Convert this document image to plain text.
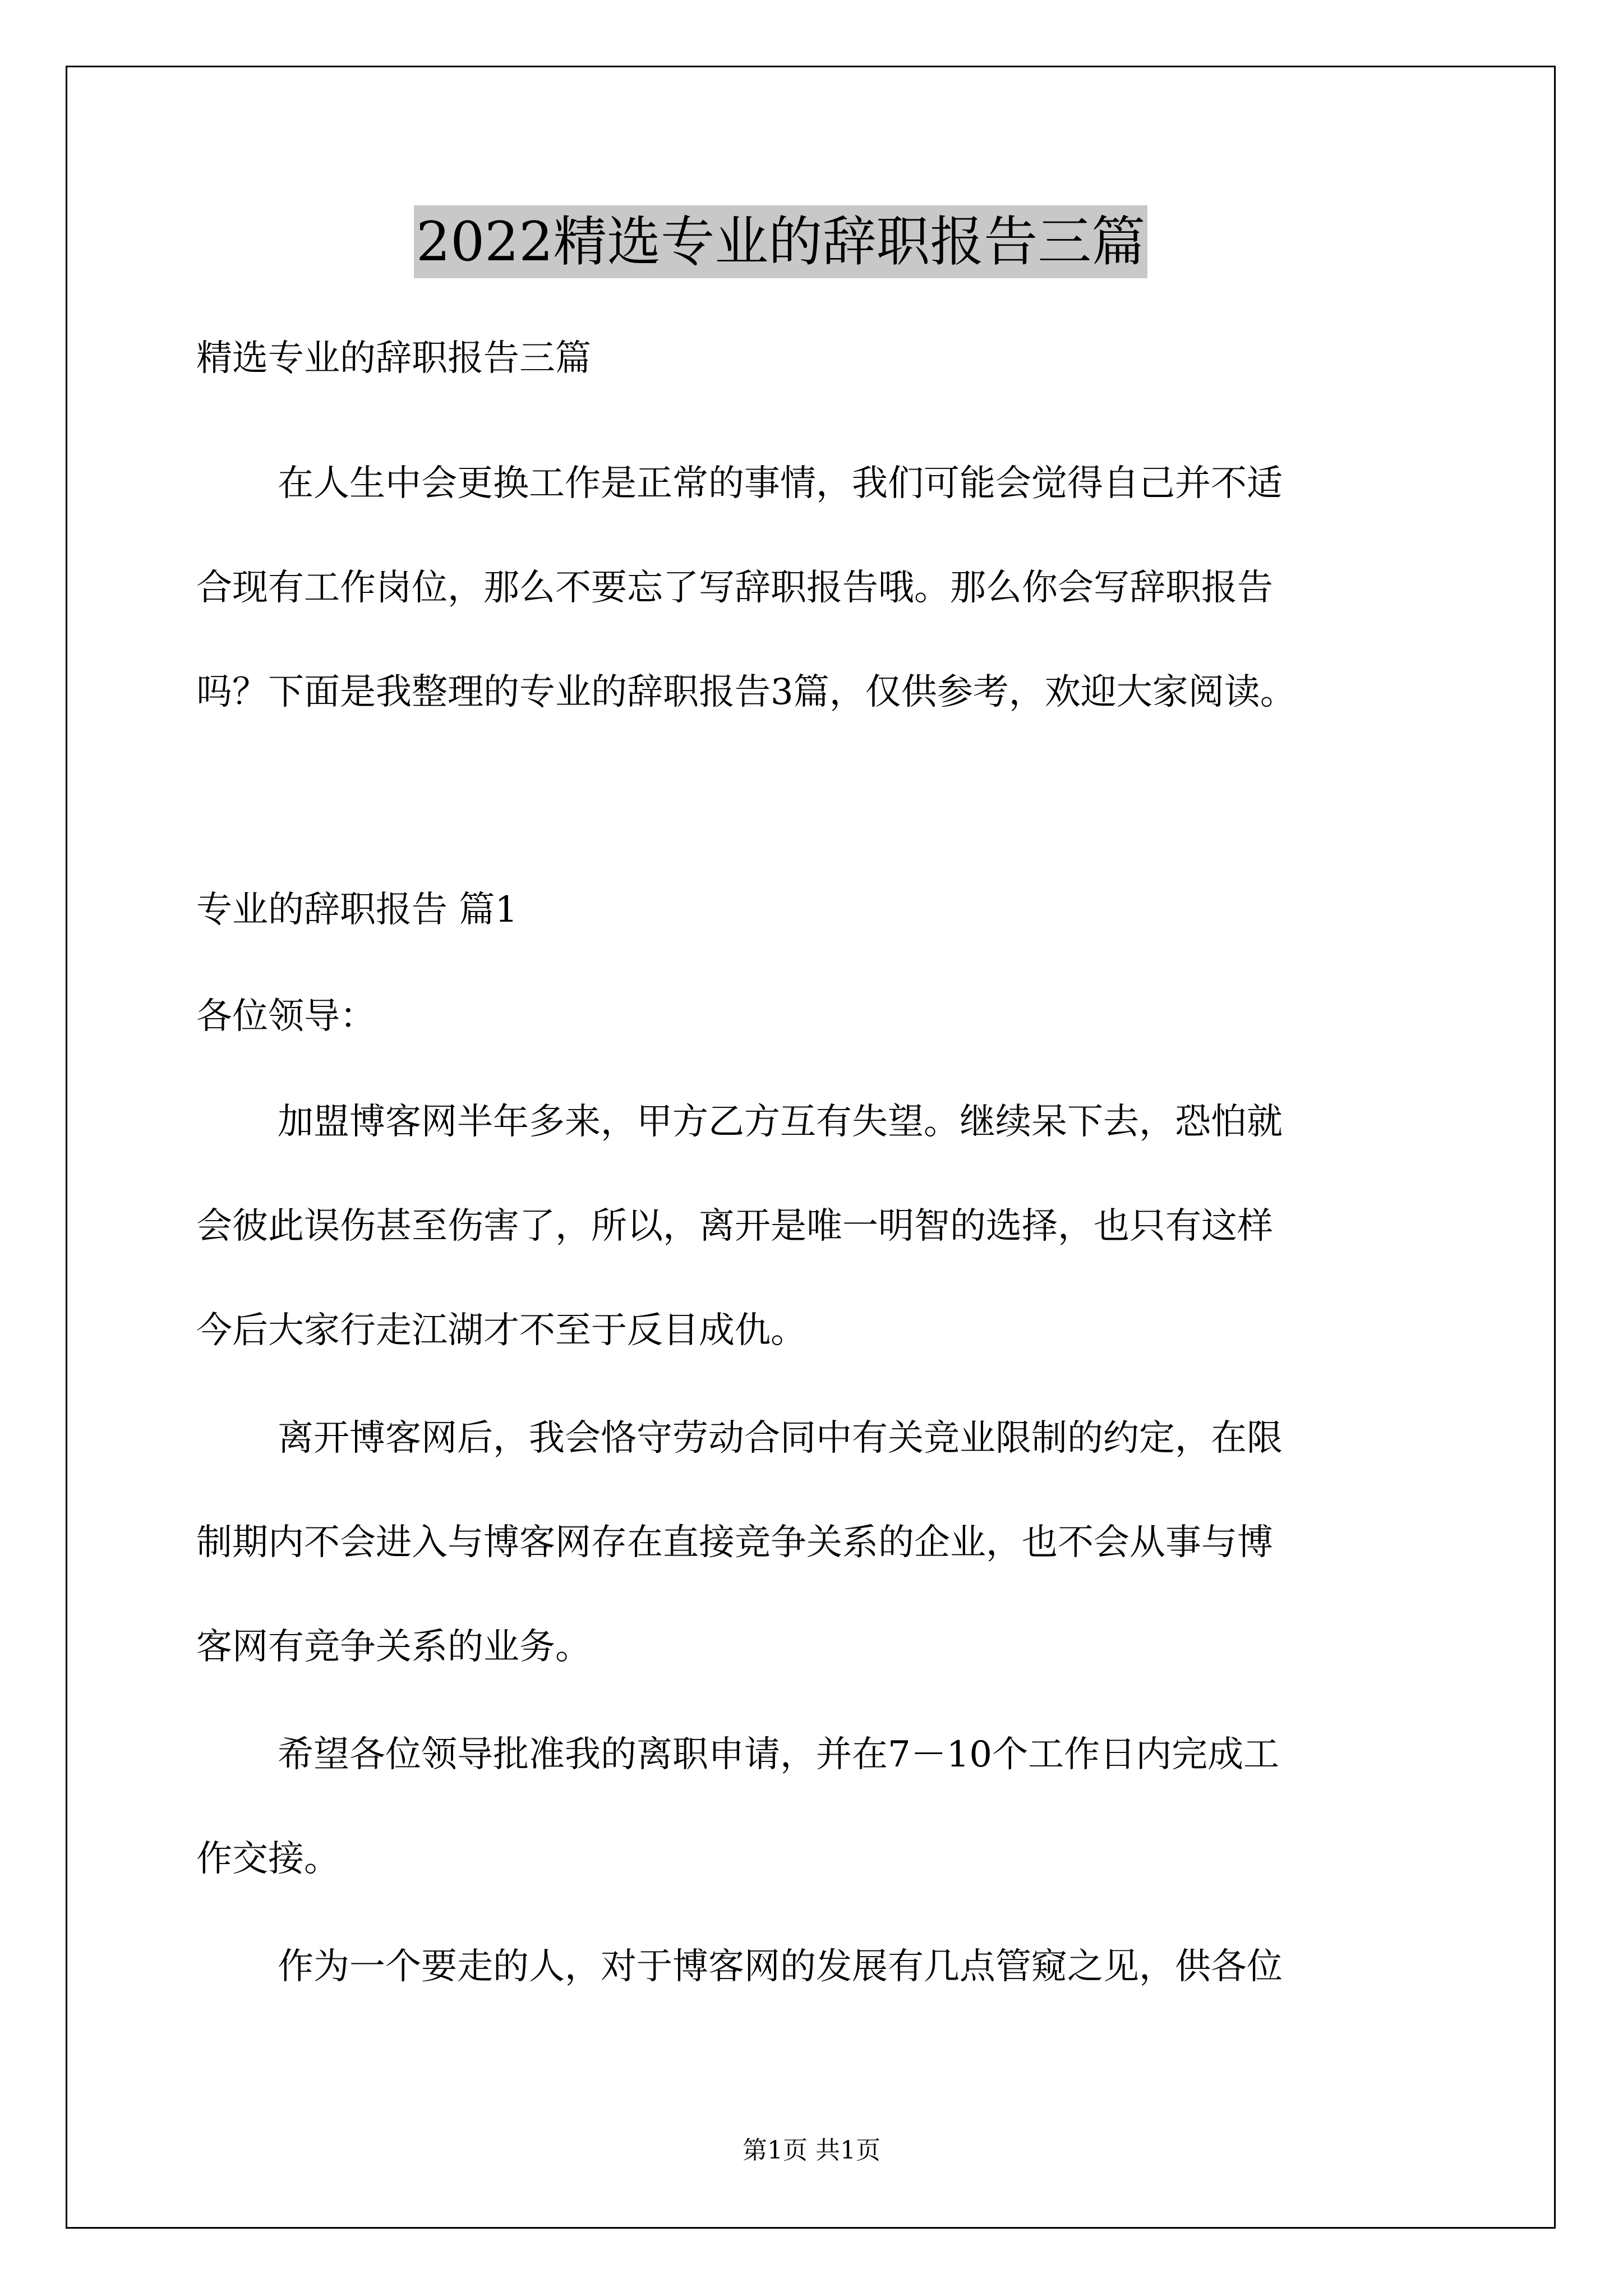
2022精选专业的辞职报告三篇
精选专业的辞职报告三篇
在人生中会更换工作是正常的事情，我们可能会觉得自己并不适
合现有工作岗位，那么不要忘了写辞职报告哦。那么你会写辞职报告
吗？下面是我整理的专业的辞职报告3篇，仅供参考，欢迎大家阅读。
专业的辞职报告 篇1
各位领导：
加盟博客网半年多来，甲方乙方互有失望。继续呆下去，恐怕就
会彼此误伤甚至伤害了，所以，离开是唯一明智的选择，也只有这样
今后大家行走江湖才不至于反目成仇。
离开博客网后，我会恪守劳动合同中有关竞业限制的约定，在限
制期内不会进入与博客网存在直接竞争关系的企业，也不会从事与博
客网有竞争关系的业务。
希望各位领导批准我的离职申请，并在7－10个工作日内完成工
作交接。
作为一个要走的人，对于博客网的发展有几点管窥之见，供各位
第1页 共1页
